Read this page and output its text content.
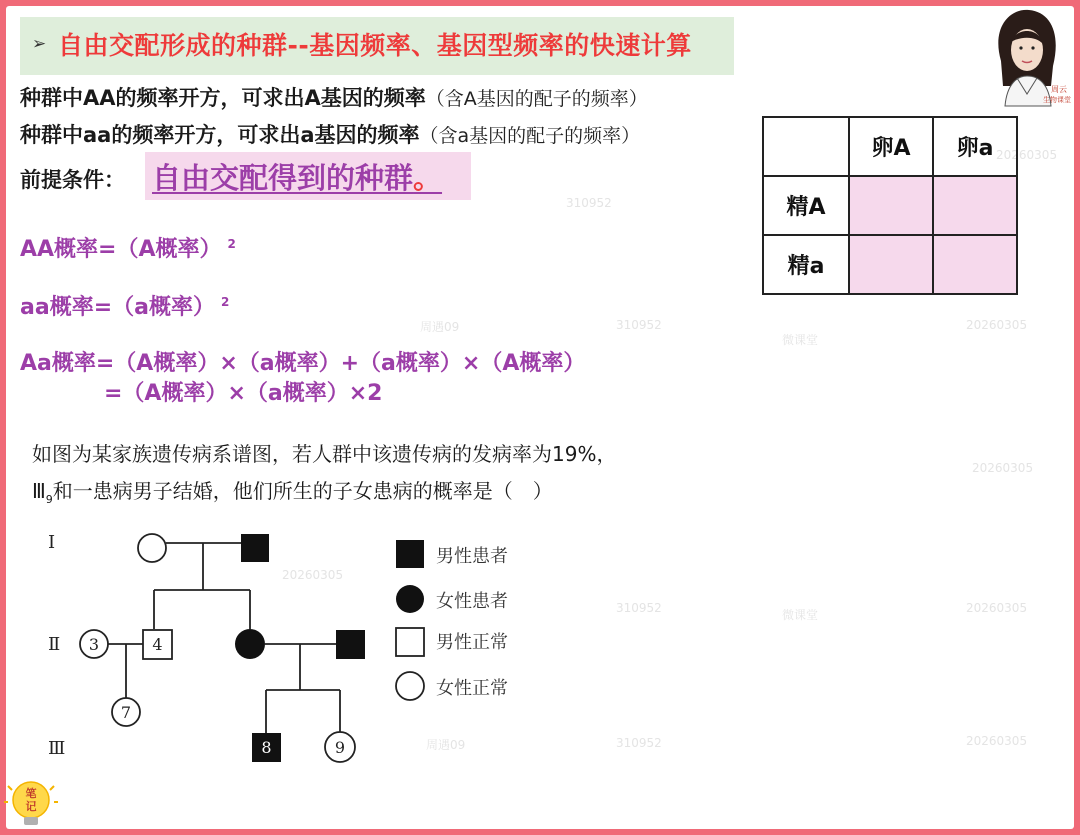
20260305
310952
周遇09	310952	20260305
微课堂
20260305
20260305
310952	20260305
微课堂
周遇09	310952	20260305
➢ 自由交配形成的种群--基因频率、基因型频率的快速计算
周云
生物课堂
种群中AA的频率开方，可求出A基因的频率（含A基因的配子的频率）
种群中aa的频率开方，可求出a基因的频率（含a基因的配子的频率）
前提条件： 自由交配得到的种群。
AA概率=（A概率） $^2$
aa概率=（a概率） $^2$
Aa概率=（A概率）×（a概率）+（a概率）×（A概率）
=（A概率）×（a概率）×2
如图为某家族遗传病系谱图，若人群中该遗传病的发病率为19%，
$Ⅲ_9$和一患病男子结婚，他们所生的子女患病的概率是（　）
	卵A	卵a
精A		
精a		
Ⅰ
Ⅱ
Ⅲ
3	4
7
8	9
男性患者
女性患者
男性正常
女性正常
笔
记
